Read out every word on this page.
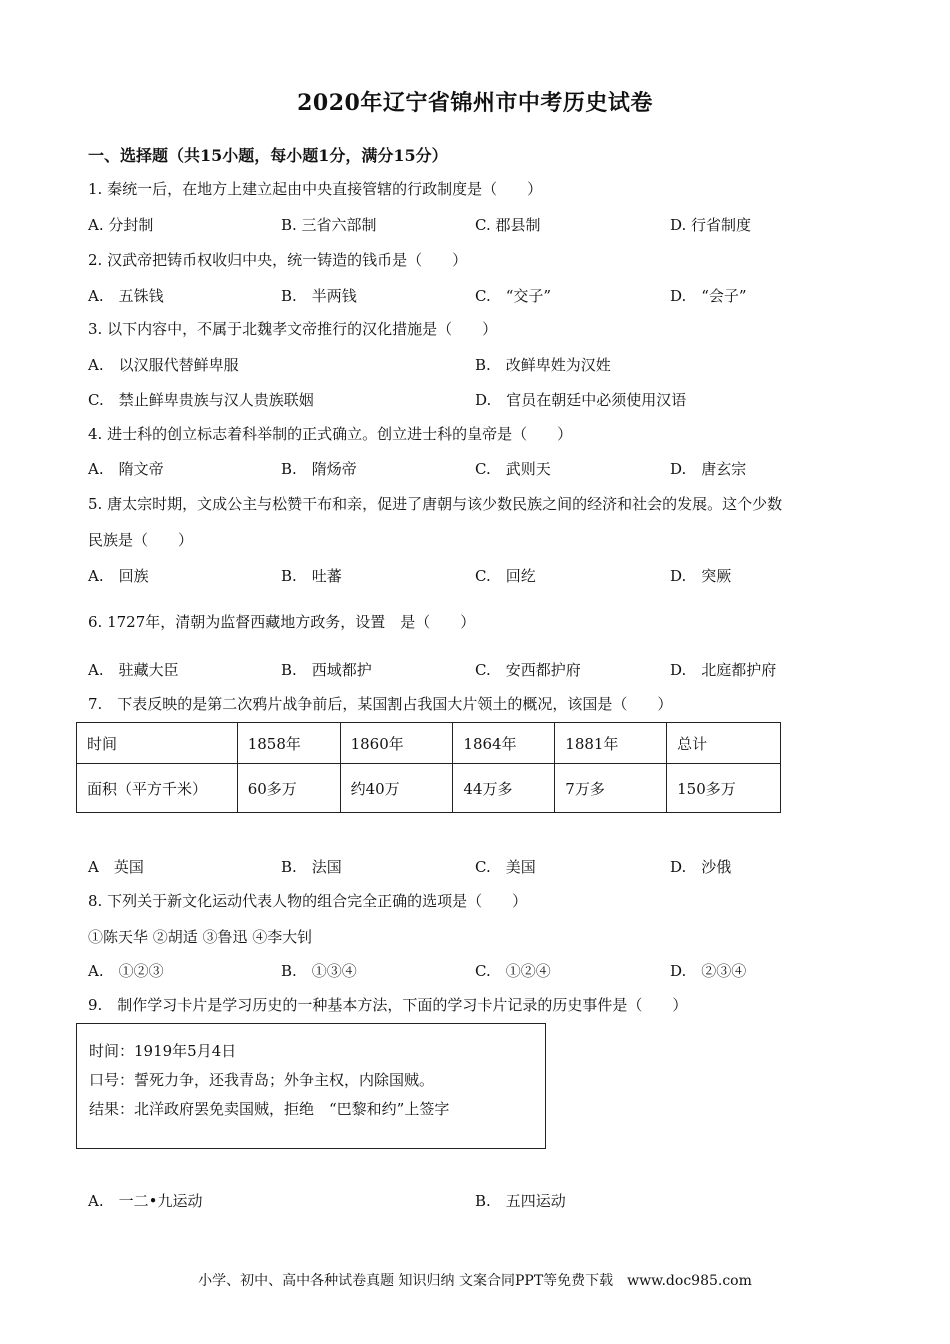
2020年辽宁省锦州市中考历史试卷
一、选择题（共15小题，每小题1分，满分15分）
1. 秦统一后，在地方上建立起由中央直接管辖的行政制度是（　　）
A. 分封制	B. 三省六部制	C. 郡县制	D. 行省制度
2. 汉武帝把铸币权收归中央，统一铸造的钱币是（　　）
A.　五铢钱	B.　半两钱	C.　“交子”	D.　“会子”
3. 以下内容中，不属于北魏孝文帝推行的汉化措施是（　　）
A.　以汉服代替鲜卑服	B.　改鲜卑姓为汉姓
C.　禁止鲜卑贵族与汉人贵族联姻	D.　官员在朝廷中必须使用汉语
4. 进士科的创立标志着科举制的正式确立。创立进士科的皇帝是（　　）
A.　隋文帝	B.　隋炀帝	C.　武则天	D.　唐玄宗
5. 唐太宗时期，文成公主与松赞干布和亲，促进了唐朝与该少数民族之间的经济和社会的发展。这个少数
民族是（　　）
A.　回族	B.　吐蕃	C.　回纥	D.　突厥
6. 1727年，清朝为监督西藏地方政务，设置　是（　　）
A.　驻藏大臣	B.　西域都护	C.　安西都护府	D.　北庭都护府
7.　下表反映的是第二次鸦片战争前后，某国割占我国大片领土的概况，该国是（　　）
时间	1858年	1860年	1864年	1881年	总计
面积（平方千米）	60多万	约40万	44万多	7万多	150多万
A　英国	B.　法国	C.　美国	D.　沙俄
8. 下列关于新文化运动代表人物的组合完全正确的选项是（　　）
①陈天华 ②胡适 ③鲁迅 ④李大钊
A.　①②③	B.　①③④	C.　①②④	D.　②③④
9.　制作学习卡片是学习历史的一种基本方法，下面的学习卡片记录的历史事件是（　　）
时间：1919年5月4日
口号：誓死力争，还我青岛；外争主权，内除国贼。
结果：北洋政府罢免卖国贼，拒绝　“巴黎和约”上签字
A.　一二•九运动	B.　五四运动
小学、初中、高中各种试卷真题 知识归纳 文案合同PPT等免费下载　www.doc985.com
